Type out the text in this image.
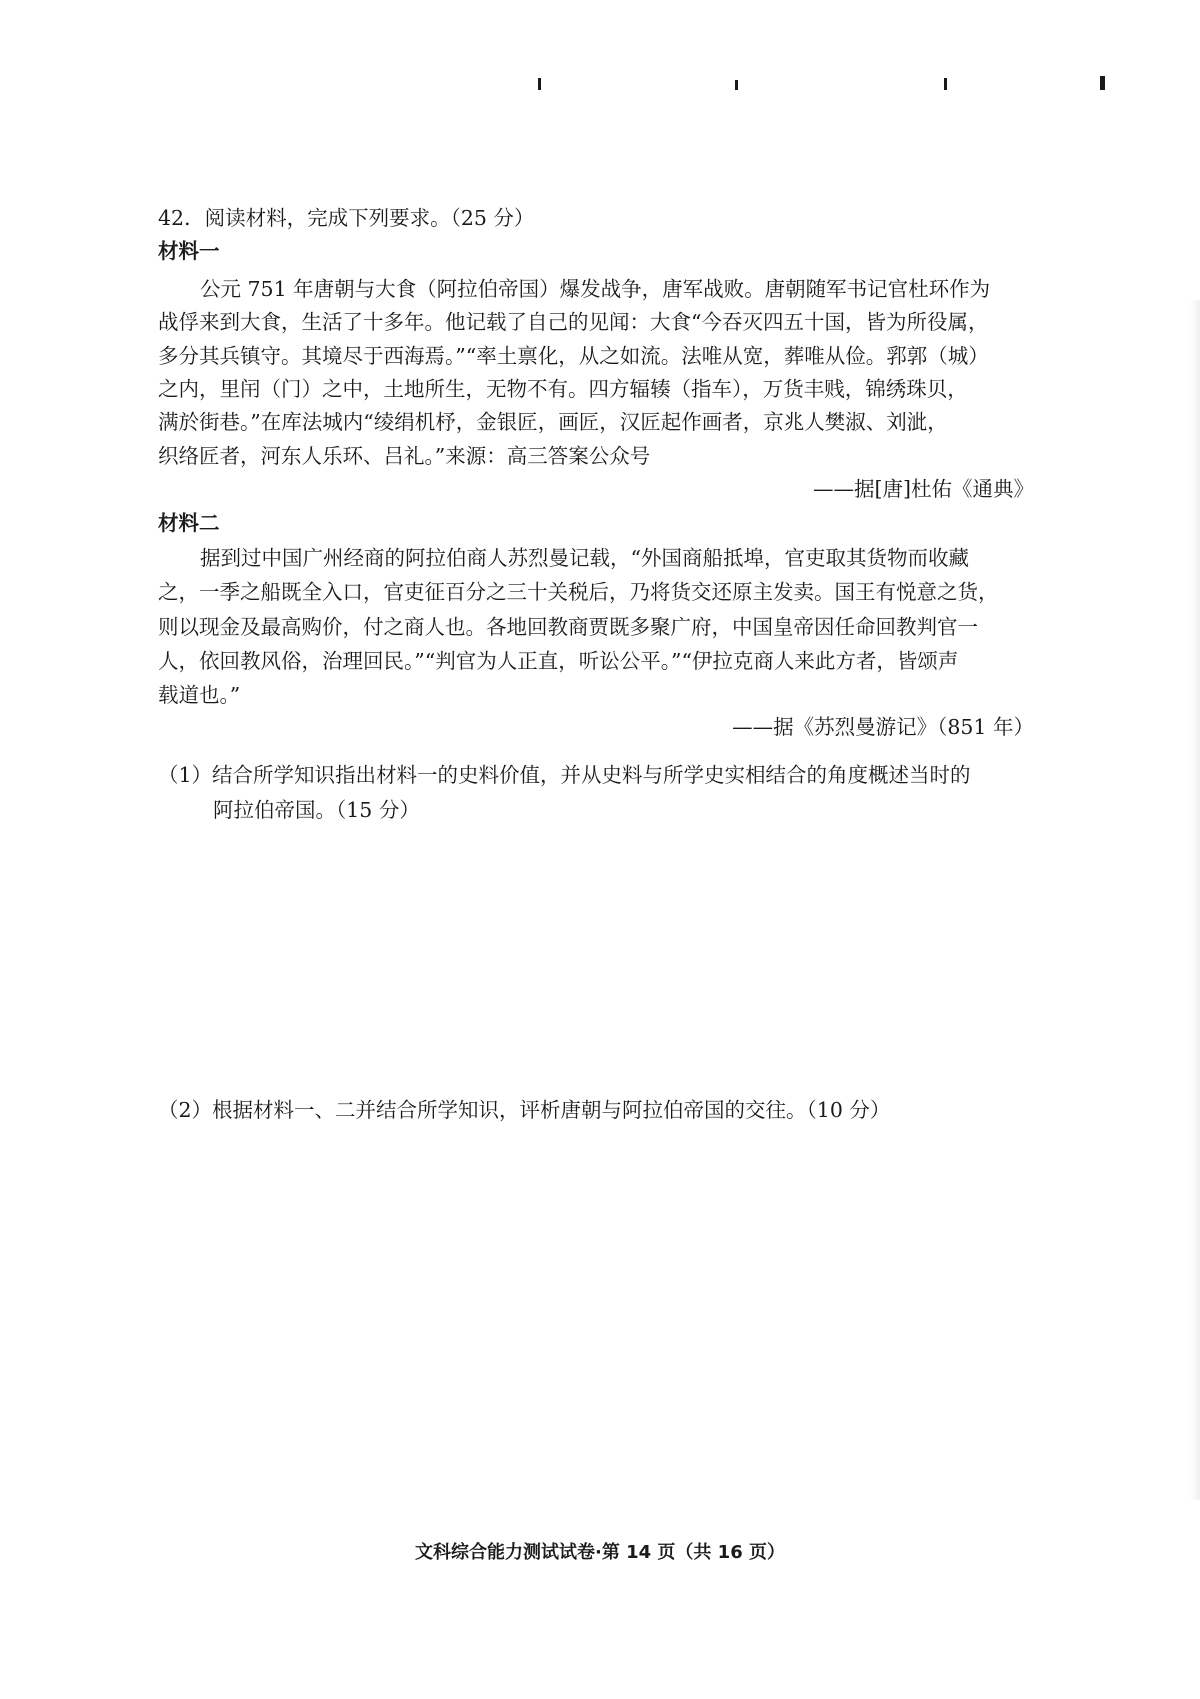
42．阅读材料，完成下列要求。（25 分）
材料一
公元 751 年唐朝与大食（阿拉伯帝国）爆发战争，唐军战败。唐朝随军书记官杜环作为
战俘来到大食，生活了十多年。他记载了自己的见闻：大食“今吞灭四五十国，皆为所役属，
多分其兵镇守。其境尽于西海焉。”“率土禀化，从之如流。法唯从宽，葬唯从俭。郛郭（城）
之内，里闬（门）之中，土地所生，无物不有。四方辐辏（指车），万货丰贱，锦绣珠贝，
满於街巷。”在库法城内“绫绢机杼，金银匠，画匠，汉匠起作画者，京兆人樊淑、刘泚，
织络匠者，河东人乐环、吕礼。”来源：高三答案公众号
——据[唐]杜佑《通典》
材料二
据到过中国广州经商的阿拉伯商人苏烈曼记载，“外国商船抵埠，官吏取其货物而收藏
之，一季之船既全入口，官吏征百分之三十关税后，乃将货交还原主发卖。国王有悦意之货，
则以现金及最高购价，付之商人也。各地回教商贾既多聚广府，中国皇帝因任命回教判官一
人，依回教风俗，治理回民。”“判官为人正直，听讼公平。”“伊拉克商人来此方者，皆颂声
载道也。”
——据《苏烈曼游记》（851 年）
（1）结合所学知识指出材料一的史料价值，并从史料与所学史实相结合的角度概述当时的
阿拉伯帝国。（15 分）
（2）根据材料一、二并结合所学知识，评析唐朝与阿拉伯帝国的交往。（10 分）
文科综合能力测试试卷·第 14 页（共 16 页）
